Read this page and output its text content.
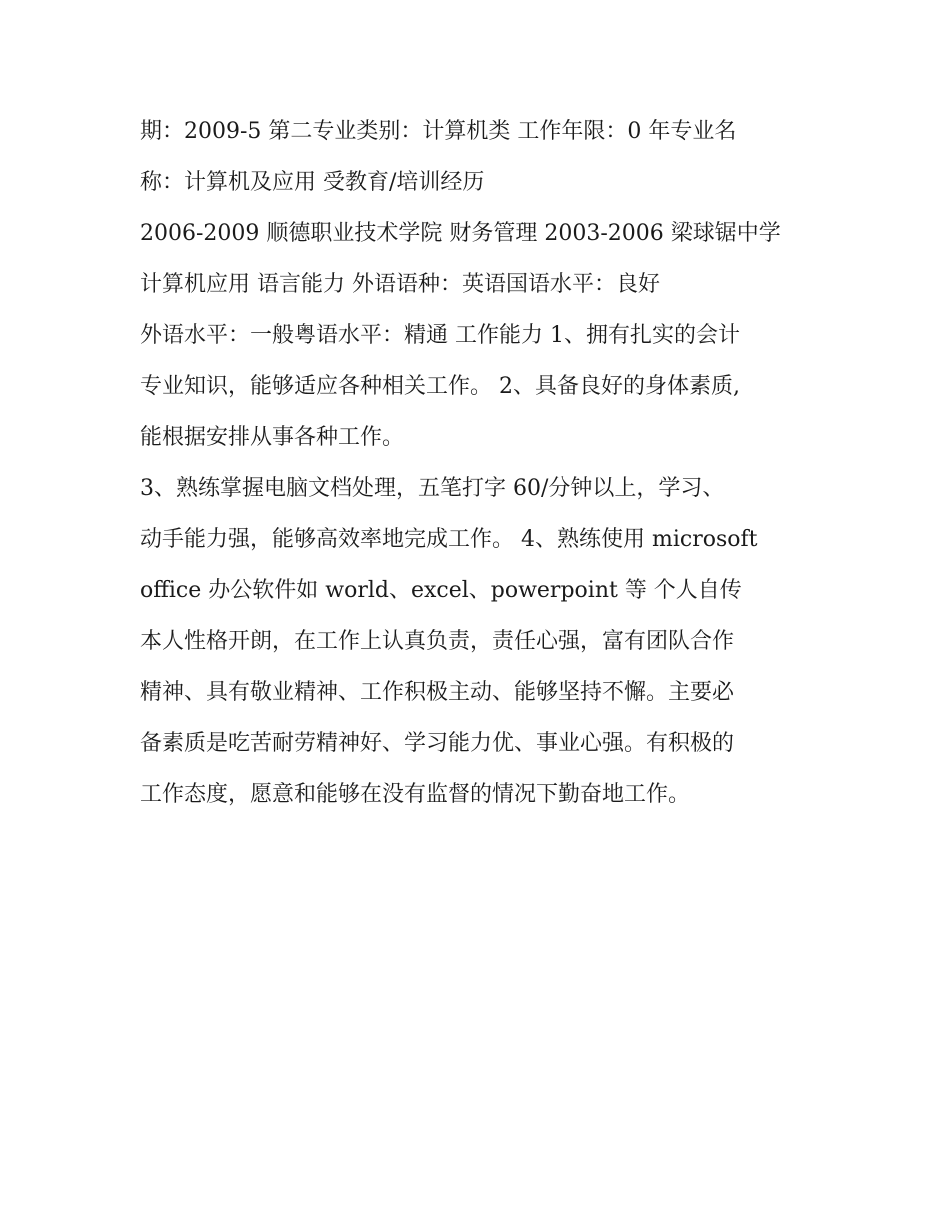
期：2009-5 第二专业类别：计算机类 工作年限：0 年专业名
称：计算机及应用 受教育/培训经历
2006-2009 顺德职业技术学院 财务管理 2003-2006 梁球锯中学
计算机应用 语言能力 外语语种：英语国语水平：良好
外语水平：一般粤语水平：精通 工作能力 1、拥有扎实的会计
专业知识，能够适应各种相关工作。 2、具备良好的身体素质,
能根据安排从事各种工作。
3、熟练掌握电脑文档处理，五笔打字 60/分钟以上，学习、
动手能力强，能够高效率地完成工作。 4、熟练使用 microsoft
office 办公软件如 world、excel、powerpoint 等 个人自传
本人性格开朗，在工作上认真负责，责任心强，富有团队合作
精神、具有敬业精神、工作积极主动、能够坚持不懈。主要必
备素质是吃苦耐劳精神好、学习能力优、事业心强。有积极的
工作态度，愿意和能够在没有监督的情况下勤奋地工作。
